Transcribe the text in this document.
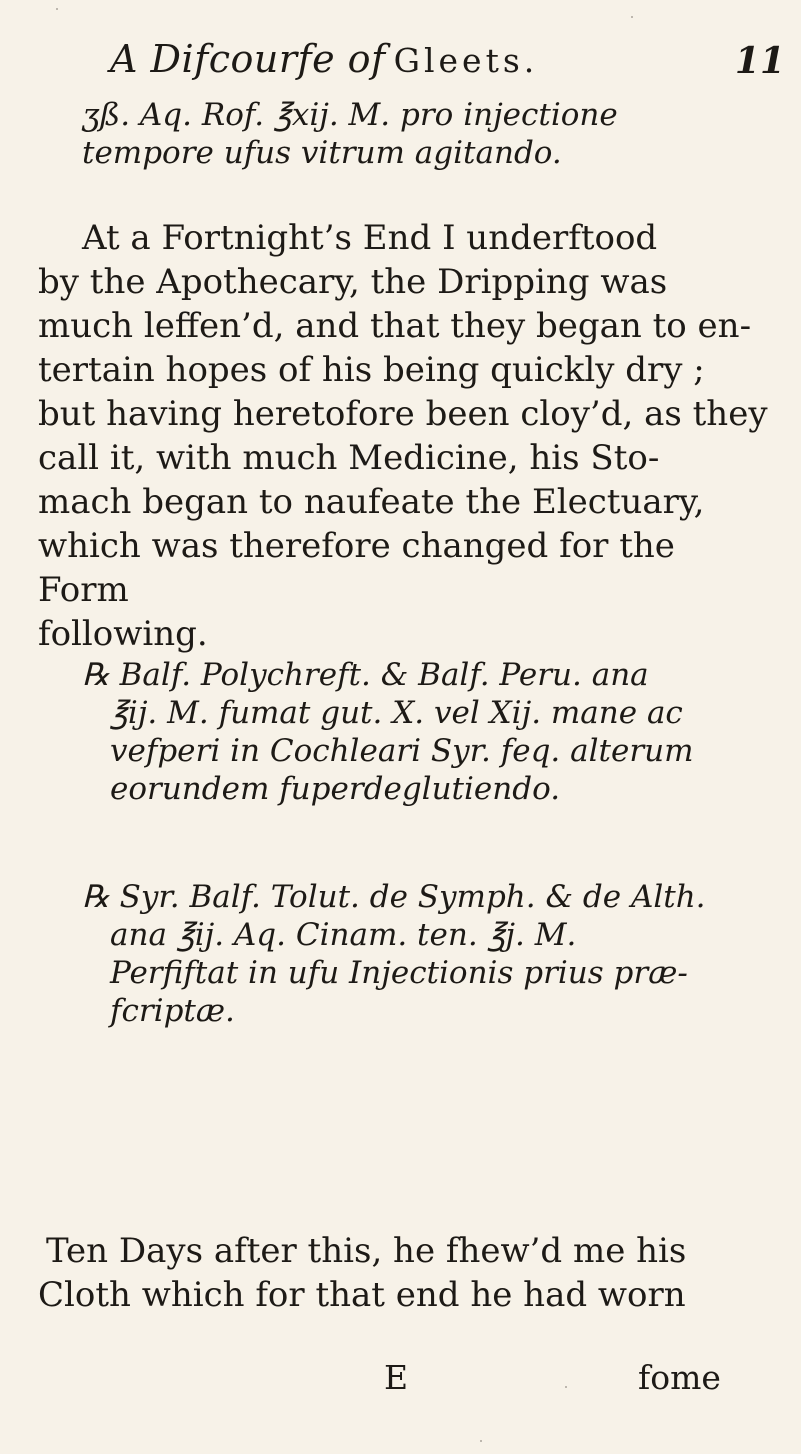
A Difcourfe of Gleets.	11

ʒß. Aq. Rof. ℥xij. M. pro injectione

tempore ufus vitrum agitando.

At a Fortnight’s End I underftood
by the Apothecary, the Dripping was
much leffen’d, and that they began to en-
tertain hopes of his being quickly dry ;
but having heretofore been cloy’d, as they
call it, with much Medicine, his Sto-
mach began to naufeate the Electuary,
which was therefore changed for the Form
following.
℞ Balf. Polychreft. & Balf. Peru. ana
℥ij. M. fumat gut. X. vel Xij. mane ac
vefperi in Cochleari Syr. feq. alterum
eorundem fuperdeglutiendo.
℞ Syr. Balf. Tolut. de Symph. & de Alth.
ana ℥ij. Aq. Cinam. ten. ℥j. M.
Perfiftat in ufu Injectionis prius præ-
fcriptæ.
Ten Days after this, he fhew’d me his
Cloth which for that end he had worn
E	fome
